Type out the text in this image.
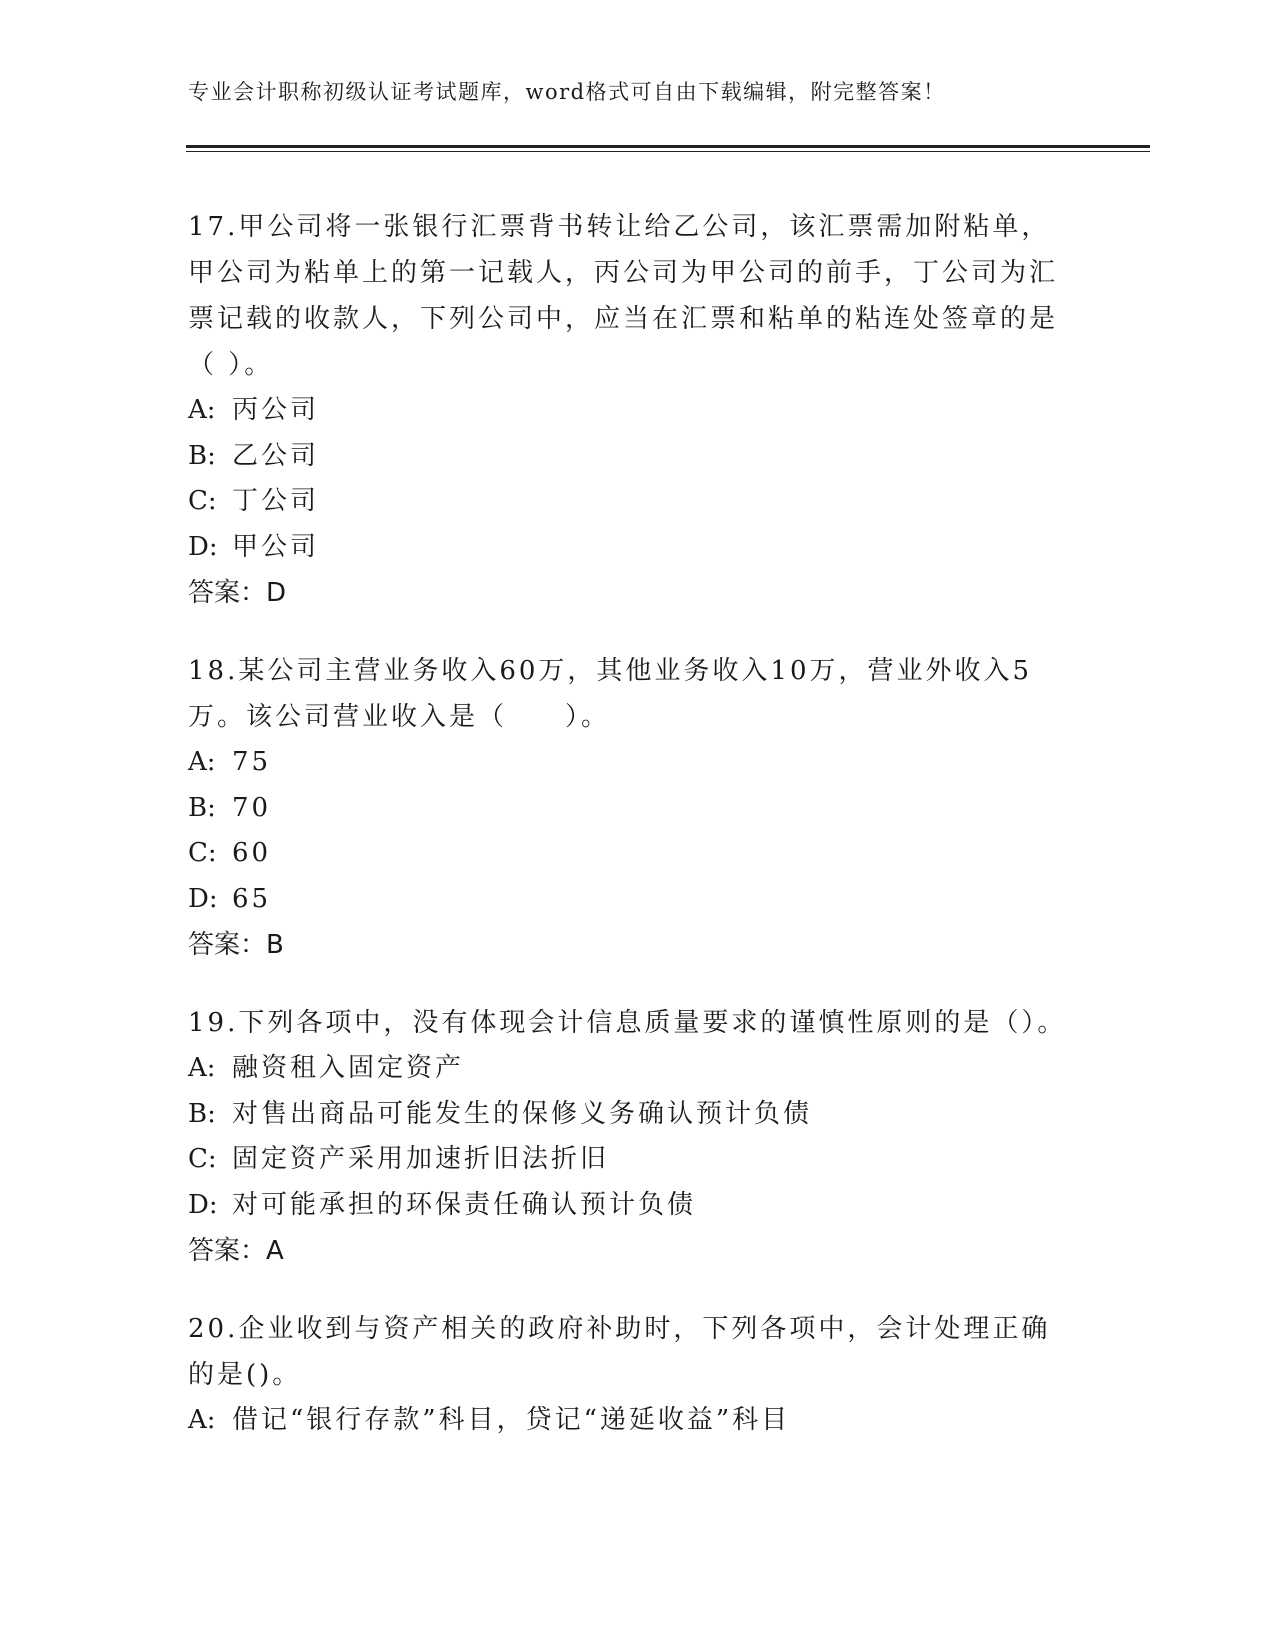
专业会计职称初级认证考试题库，word格式可自由下载编辑，附完整答案！

17.甲公司将一张银行汇票背书转让给乙公司，该汇票需加附粘单，甲公司为粘单上的第一记载人，丙公司为甲公司的前手，丁公司为汇票记载的收款人，下列公司中，应当在汇票和粘单的粘连处签章的是（ ）。

A: 丙公司

B: 乙公司

C: 丁公司

D: 甲公司

答案：D

18.某公司主营业务收入60万，其他业务收入10万，营业外收入5万。该公司营业收入是（　　）。

A: 75

B: 70

C: 60

D: 65

答案：B

19.下列各项中，没有体现会计信息质量要求的谨慎性原则的是（）。

A: 融资租入固定资产

B: 对售出商品可能发生的保修义务确认预计负债

C: 固定资产采用加速折旧法折旧

D: 对可能承担的环保责任确认预计负债

答案：A

20.企业收到与资产相关的政府补助时，下列各项中，会计处理正确的是()。

A: 借记“银行存款”科目，贷记“递延收益”科目
